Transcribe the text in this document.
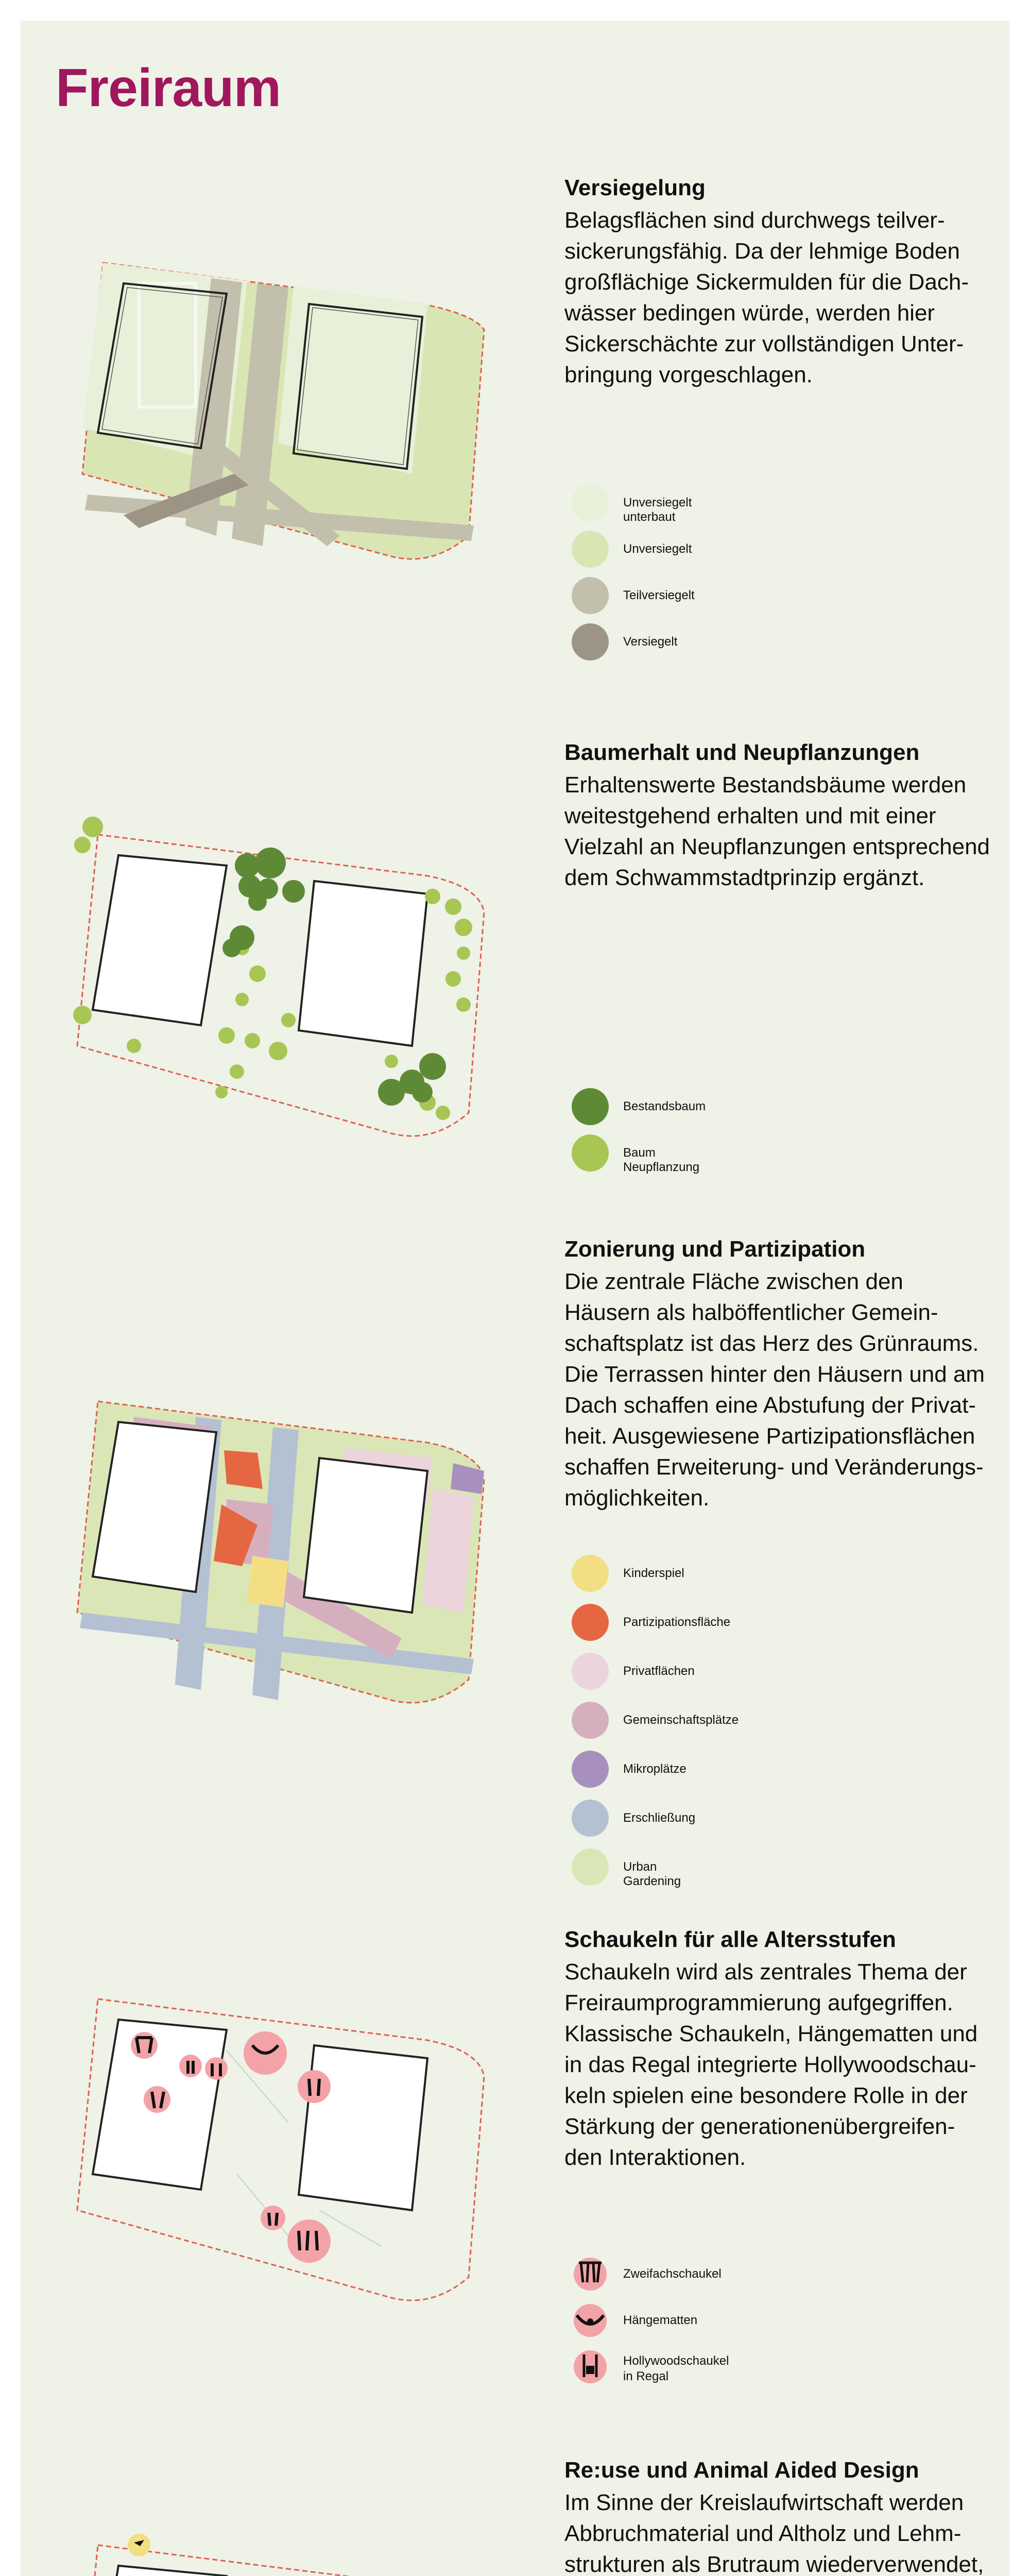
Freiraum
Versiegelung

Belagsflächen sind durchwegs teilver-
sickerungsfähig. Da der lehmige Boden
großflächige Sickermulden für die Dach-
wässer bedingen würde, werden hier
Sickerschächte zur vollständigen Unter-
bringung vorgeschlagen.

Unversiegelt unterbaut
Unversiegelt
Teilversiegelt
Versiegelt
Baumerhalt und Neupflanzungen

Erhaltenswerte Bestandsbäume werden
weitestgehend erhalten und mit einer
Vielzahl an Neupflanzungen entsprechend
dem Schwammstadtprinzip ergänzt.

Bestandsbaum
Baum Neupflanzung
Zonierung und Partizipation

Die zentrale Fläche zwischen den
Häusern als halböffentlicher Gemein-
schaftsplatz ist das Herz des Grünraums.
Die Terrassen hinter den Häusern und am
Dach schaffen eine Abstufung der Privat-
heit. Ausgewiesene Partizipationsflächen
schaffen Erweiterung- und Veränderungs-
möglichkeiten.

Kinderspiel
Partizipationsfläche
Privatflächen
Gemeinschaftsplätze
Mikroplätze
Erschließung
Urban Gardening
Schaukeln für alle Altersstufen

Schaukeln wird als zentrales Thema der
Freiraumprogrammierung aufgegriffen.
Klassische Schaukeln, Hängematten und
in das Regal integrierte Hollywoodschau-
keln spielen eine besondere Rolle in der
Stärkung der generationenübergreifen-
den Interaktionen.

Zweifachschaukel
Hängematten
Hollywoodschaukel
in Regal
Re:use und Animal Aided Design

Im Sinne der Kreislaufwirtschaft werden
Abbruchmaterial und Altholz und Lehm-
strukturen als Brutraum wiederverwendet,
